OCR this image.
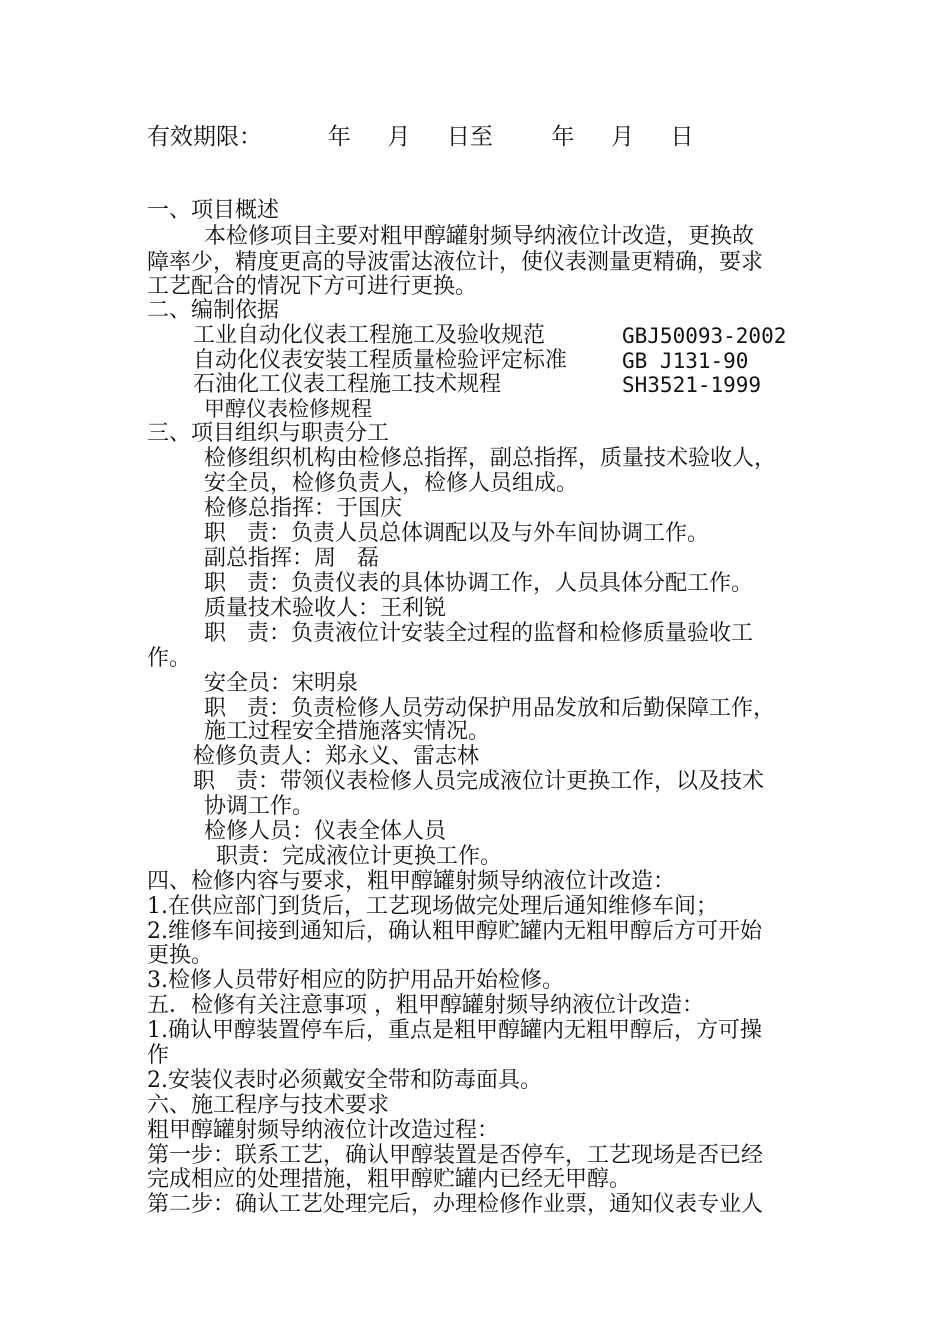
有效期限：         年     月     日至        年     月     日
一、项目概述
本检修项目主要对粗甲醇罐射频导纳液位计改造，更换故
障率少，精度更高的导波雷达液位计，使仪表测量更精确，要求
工艺配合的情况下方可进行更换。
二、编制依据
工业自动化仪表工程施工及验收规范	GBJ50093-2002
自动化仪表安装工程质量检验评定标准	GB J131-90
石油化工仪表工程施工技术规程	SH3521-1999
甲醇仪表检修规程
三、项目组织与职责分工
检修组织机构由检修总指挥，副总指挥，质量技术验收人，
安全员，检修负责人，检修人员组成。
检修总指挥：于国庆
职   责：负责人员总体调配以及与外车间协调工作。
副总指挥：周   磊
职   责：负责仪表的具体协调工作，人员具体分配工作。
质量技术验收人：王利锐
职   责：负责液位计安装全过程的监督和检修质量验收工
作。
安全员：宋明泉
职   责：负责检修人员劳动保护用品发放和后勤保障工作，
施工过程安全措施落实情况。
检修负责人：郑永义、雷志林
职   责：带领仪表检修人员完成液位计更换工作，以及技术
协调工作。
检修人员：仪表全体人员
职责：完成液位计更换工作。
四、检修内容与要求，粗甲醇罐射频导纳液位计改造：
1.在供应部门到货后，工艺现场做完处理后通知维修车间；
2.维修车间接到通知后，确认粗甲醇贮罐内无粗甲醇后方可开始
更换。
3.检修人员带好相应的防护用品开始检修。
五．检修有关注意事项 ，粗甲醇罐射频导纳液位计改造：
1.确认甲醇装置停车后，重点是粗甲醇罐内无粗甲醇后，方可操
作
2.安装仪表时必须戴安全带和防毒面具。
六、施工程序与技术要求
粗甲醇罐射频导纳液位计改造过程：
第一步：联系工艺，确认甲醇装置是否停车，工艺现场是否已经
完成相应的处理措施，粗甲醇贮罐内已经无甲醇。
第二步：确认工艺处理完后，办理检修作业票，通知仪表专业人
